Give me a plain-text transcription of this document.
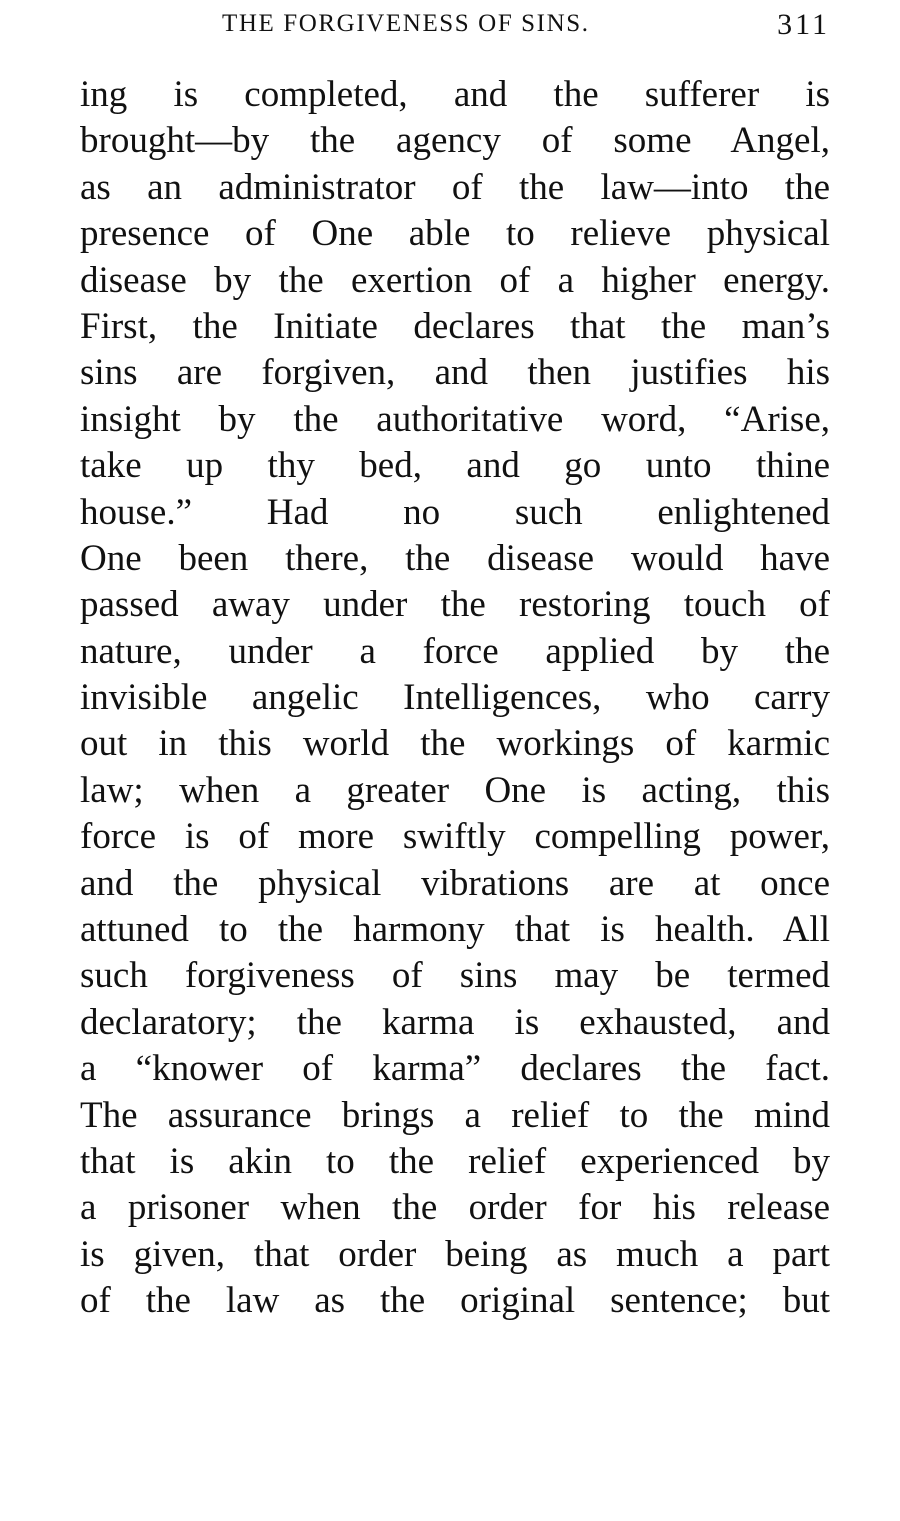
THE FORGIVENESS OF SINS.	311
ing is completed, and the sufferer is
brought—by the agency of some Angel,
as an administrator of the law—into the
presence of One able to relieve physical
disease by the exertion of a higher energy.
First, the Initiate declares that the man’s
sins are forgiven, and then justifies his
insight by the authoritative word, “Arise,
take up thy bed, and go unto thine
house.” Had no such enlightened
One been there, the disease would have
passed away under the restoring touch of
nature, under a force applied by the
invisible angelic Intelligences, who carry
out in this world the workings of karmic
law; when a greater One is acting, this
force is of more swiftly compelling power,
and the physical vibrations are at once
attuned to the harmony that is health. All
such forgiveness of sins may be termed
declaratory; the karma is exhausted, and
a “knower of karma” declares the fact.
The assurance brings a relief to the mind
that is akin to the relief experienced by
a prisoner when the order for his release
is given, that order being as much a part
of the law as the original sentence; but
